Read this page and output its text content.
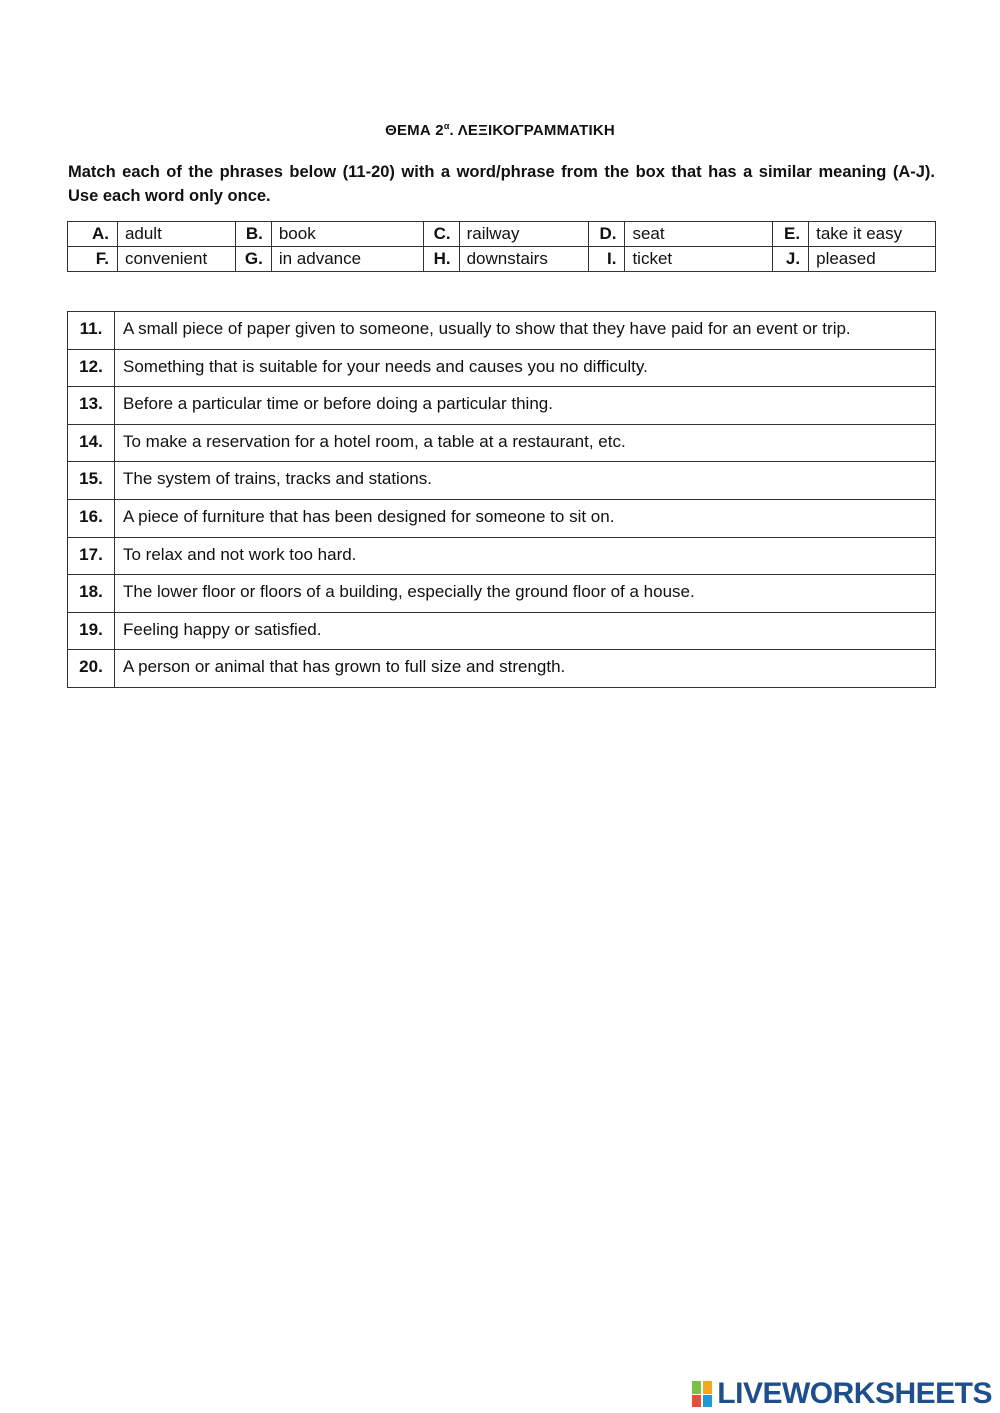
ΘΕΜΑ $2^\alpha$. ΛΕΞΙΚΟΓΡΑΜΜΑΤΙΚΗ
Match each of the phrases below (11-20) with a word/phrase from the box that has a similar meaning (A-J). Use each word only once.
A.	adult	B.	book	C.	railway	D.	seat	E.	take it easy
F.	convenient	G.	in advance	H.	downstairs	I.	ticket	J.	pleased
11.	A small piece of paper given to someone, usually to show that they have paid for an event or trip.
12.	Something that is suitable for your needs and causes you no difficulty.
13.	Before a particular time or before doing a particular thing.
14.	To make a reservation for a hotel room, a table at a restaurant, etc.
15.	The system of trains, tracks and stations.
16.	A piece of furniture that has been designed for someone to sit on.
17.	To relax and not work too hard.
18.	The lower floor or floors of a building, especially the ground floor of a house.
19.	Feeling happy or satisfied.
20.	A person or animal that has grown to full size and strength.
LIVEWORKSHEETS
